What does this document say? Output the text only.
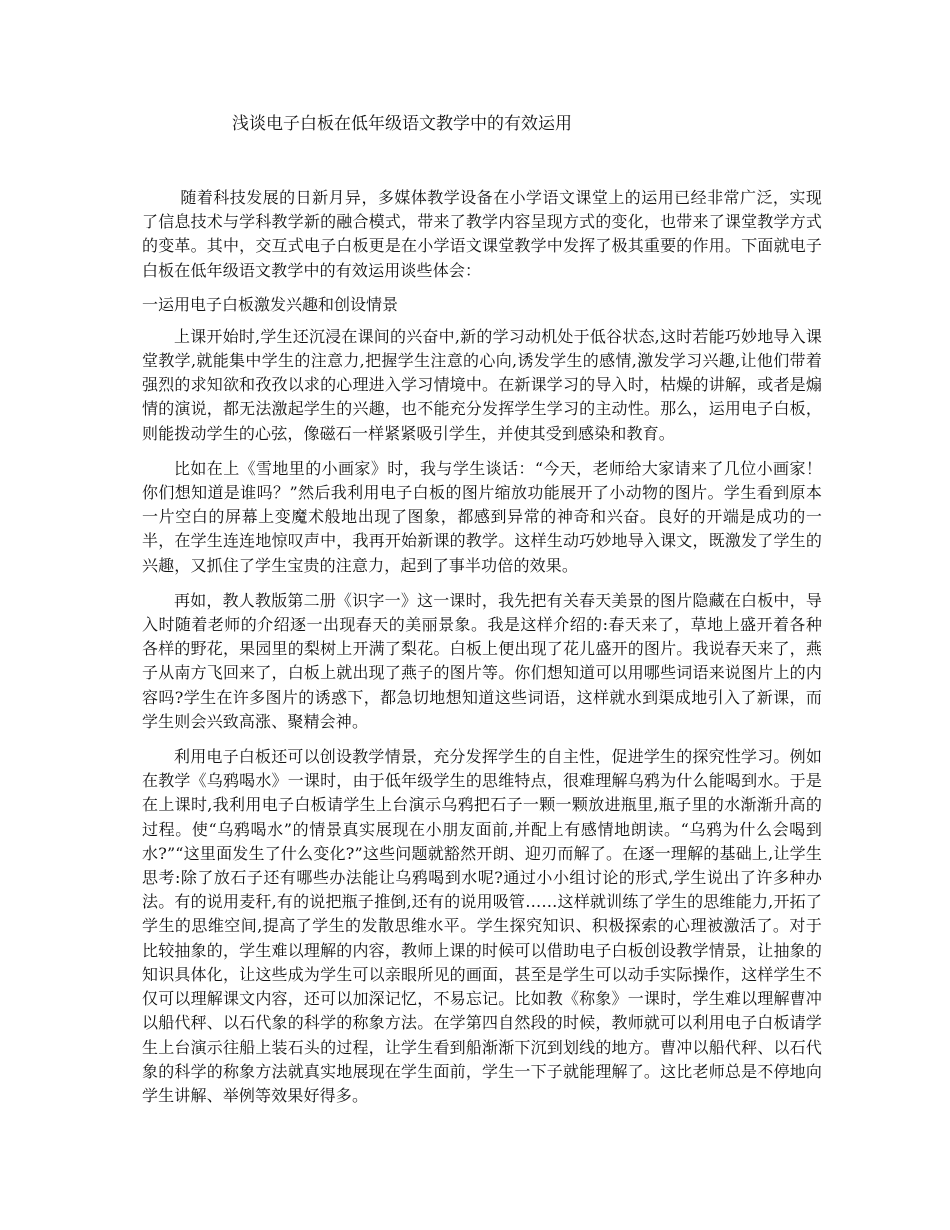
浅谈电子白板在低年级语文教学中的有效运用

随着科技发展的日新月异，多媒体教学设备在小学语文课堂上的运用已经非常广泛，实现了信息技术与学科教学新的融合模式，带来了教学内容呈现方式的变化，也带来了课堂教学方式的变革。其中，交互式电子白板更是在小学语文课堂教学中发挥了极其重要的作用。下面就电子白板在低年级语文教学中的有效运用谈些体会：

一运用电子白板激发兴趣和创设情景

上课开始时,学生还沉浸在课间的兴奋中,新的学习动机处于低谷状态,这时若能巧妙地导入课堂教学,就能集中学生的注意力,把握学生注意的心向,诱发学生的感情,激发学习兴趣,让他们带着强烈的求知欲和孜孜以求的心理进入学习情境中。在新课学习的导入时，枯燥的讲解，或者是煽情的演说，都无法激起学生的兴趣，也不能充分发挥学生学习的主动性。那么，运用电子白板，则能拨动学生的心弦，像磁石一样紧紧吸引学生，并使其受到感染和教育。

比如在上《雪地里的小画家》时，我与学生谈话：“今天，老师给大家请来了几位小画家！你们想知道是谁吗？”然后我利用电子白板的图片缩放功能展开了小动物的图片。学生看到原本一片空白的屏幕上变魔术般地出现了图象，都感到异常的神奇和兴奋。良好的开端是成功的一半，在学生连连地惊叹声中，我再开始新课的教学。这样生动巧妙地导入课文，既激发了学生的兴趣，又抓住了学生宝贵的注意力，起到了事半功倍的效果。

再如，教人教版第二册《识字一》这一课时，我先把有关春天美景的图片隐藏在白板中，导入时随着老师的介绍逐一出现春天的美丽景象。我是这样介绍的:春天来了，草地上盛开着各种各样的野花，果园里的梨树上开满了梨花。白板上便出现了花儿盛开的图片。我说春天来了，燕子从南方飞回来了，白板上就出现了燕子的图片等。你们想知道可以用哪些词语来说图片上的内容吗?学生在许多图片的诱惑下，都急切地想知道这些词语，这样就水到渠成地引入了新课，而学生则会兴致高涨、聚精会神。

利用电子白板还可以创设教学情景，充分发挥学生的自主性，促进学生的探究性学习。例如在教学《乌鸦喝水》一课时，由于低年级学生的思维特点，很难理解乌鸦为什么能喝到水。于是在上课时,我利用电子白板请学生上台演示乌鸦把石子一颗一颗放进瓶里,瓶子里的水渐渐升高的过程。使“乌鸦喝水”的情景真实展现在小朋友面前,并配上有感情地朗读。“乌鸦为什么会喝到水?”“这里面发生了什么变化?”这些问题就豁然开朗、迎刃而解了。在逐一理解的基础上,让学生思考:除了放石子还有哪些办法能让乌鸦喝到水呢?通过小小组讨论的形式,学生说出了许多种办法。有的说用麦秆,有的说把瓶子推倒,还有的说用吸管……这样就训练了学生的思维能力,开拓了学生的思维空间,提高了学生的发散思维水平。学生探究知识、积极探索的心理被激活了。对于比较抽象的，学生难以理解的内容，教师上课的时候可以借助电子白板创设教学情景，让抽象的知识具体化，让这些成为学生可以亲眼所见的画面，甚至是学生可以动手实际操作，这样学生不仅可以理解课文内容，还可以加深记忆，不易忘记。比如教《称象》一课时，学生难以理解曹冲以船代秤、以石代象的科学的称象方法。在学第四自然段的时候，教师就可以利用电子白板请学生上台演示往船上装石头的过程，让学生看到船渐渐下沉到划线的地方。曹冲以船代秤、以石代象的科学的称象方法就真实地展现在学生面前，学生一下子就能理解了。这比老师总是不停地向学生讲解、举例等效果好得多。
